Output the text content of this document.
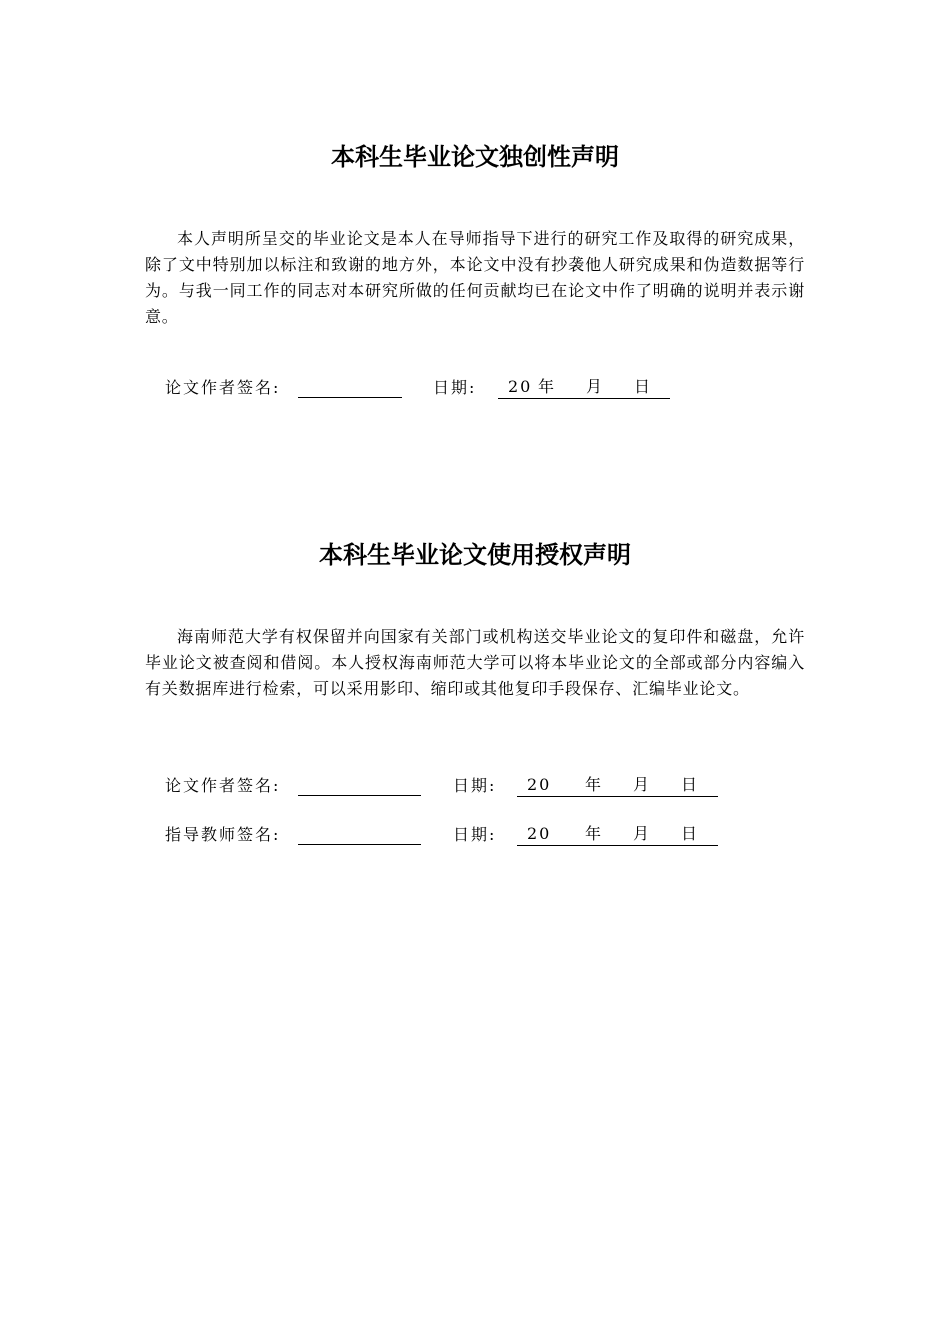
本科生毕业论文独创性声明

本人声明所呈交的毕业论文是本人在导师指导下进行的研究工作及取得的研究成果，除了文中特别加以标注和致谢的地方外，本论文中没有抄袭他人研究成果和伪造数据等行为。与我一同工作的同志对本研究所做的任何贡献均已在论文中作了明确的说明并表示谢意。

论文作者签名:	日期: 20 年 月 日
本科生毕业论文使用授权声明

海南师范大学有权保留并向国家有关部门或机构送交毕业论文的复印件和磁盘，允许毕业论文被查阅和借阅。本人授权海南师范大学可以将本毕业论文的全部或部分内容编入有关数据库进行检索，可以采用影印、缩印或其他复印手段保存、汇编毕业论文。

论文作者签名:	日期: 20 年 月 日
指导教师签名:	日期: 20 年 月 日
